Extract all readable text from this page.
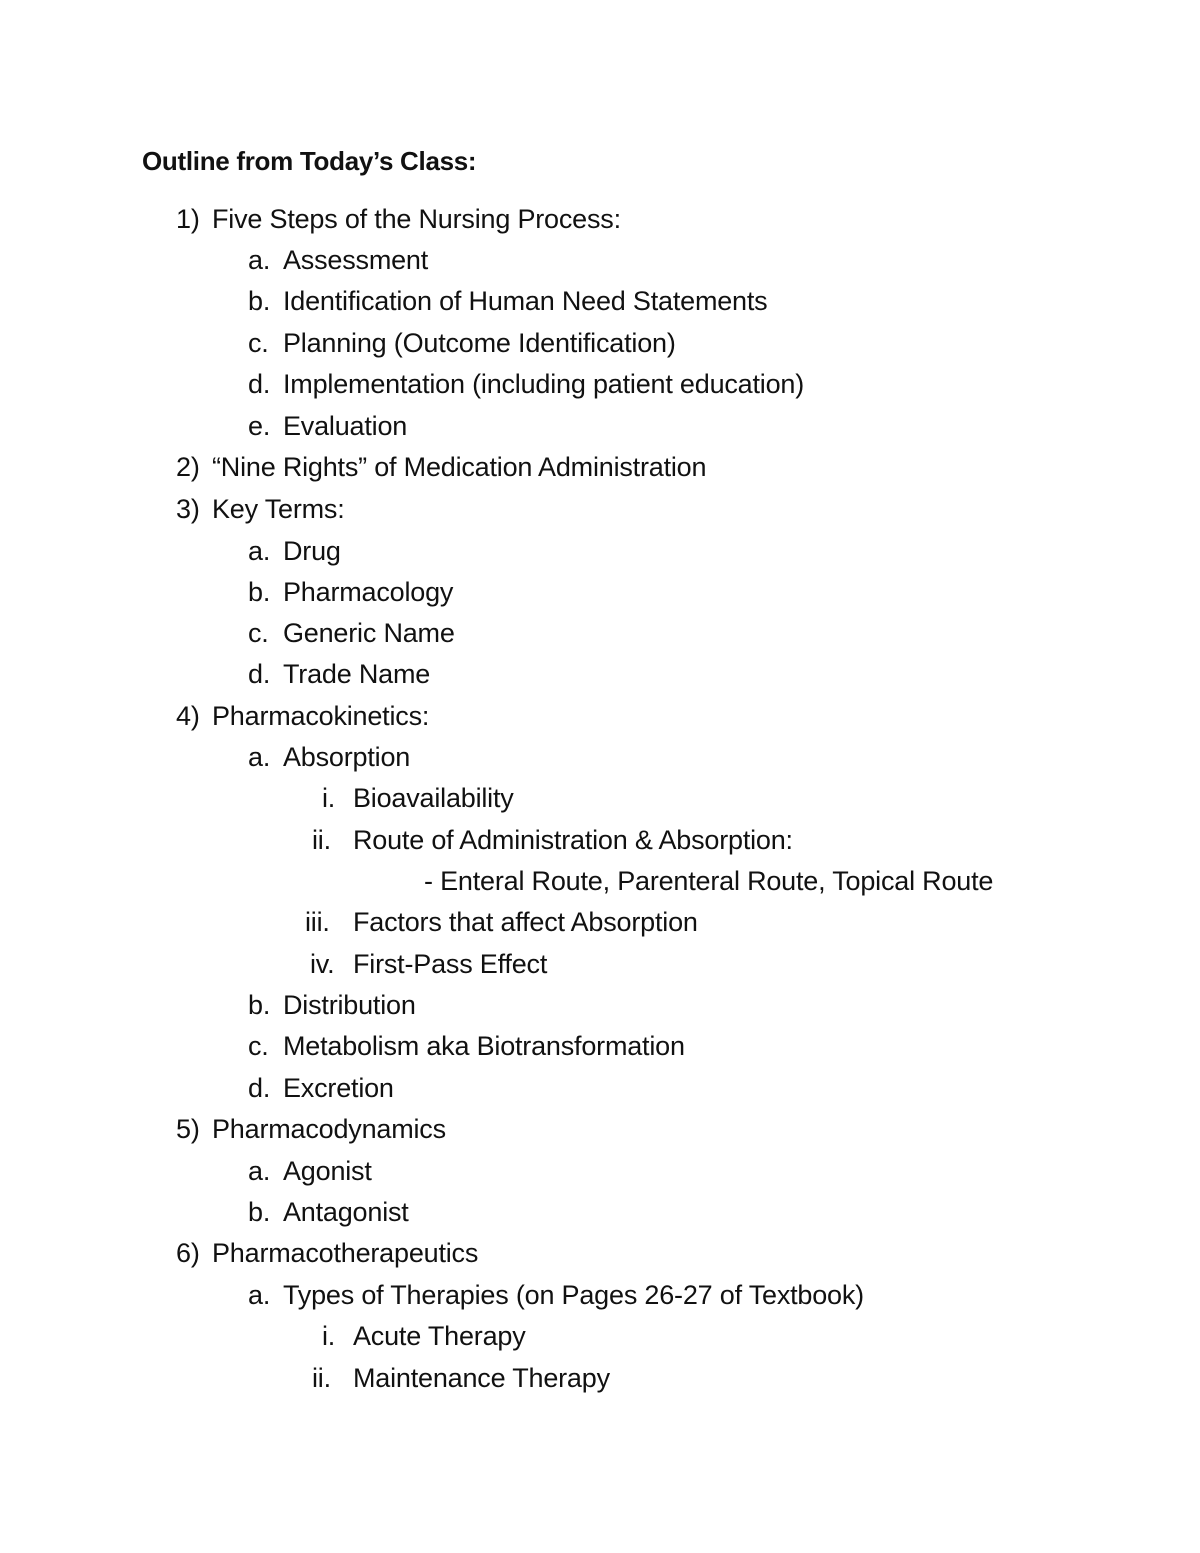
Outline from Today’s Class:
1) Five Steps of the Nursing Process:
a. Assessment
b. Identification of Human Need Statements
c. Planning (Outcome Identification)
d. Implementation (including patient education)
e. Evaluation
2) “Nine Rights” of Medication Administration
3) Key Terms:
a. Drug
b. Pharmacology
c. Generic Name
d. Trade Name
4) Pharmacokinetics:
a. Absorption
i. Bioavailability
ii. Route of Administration & Absorption:
- Enteral Route, Parenteral Route, Topical Route
iii. Factors that affect Absorption
iv. First-Pass Effect
b. Distribution
c. Metabolism aka Biotransformation
d. Excretion
5) Pharmacodynamics
a. Agonist
b. Antagonist
6) Pharmacotherapeutics
a. Types of Therapies (on Pages 26-27 of Textbook)
i. Acute Therapy
ii. Maintenance Therapy
